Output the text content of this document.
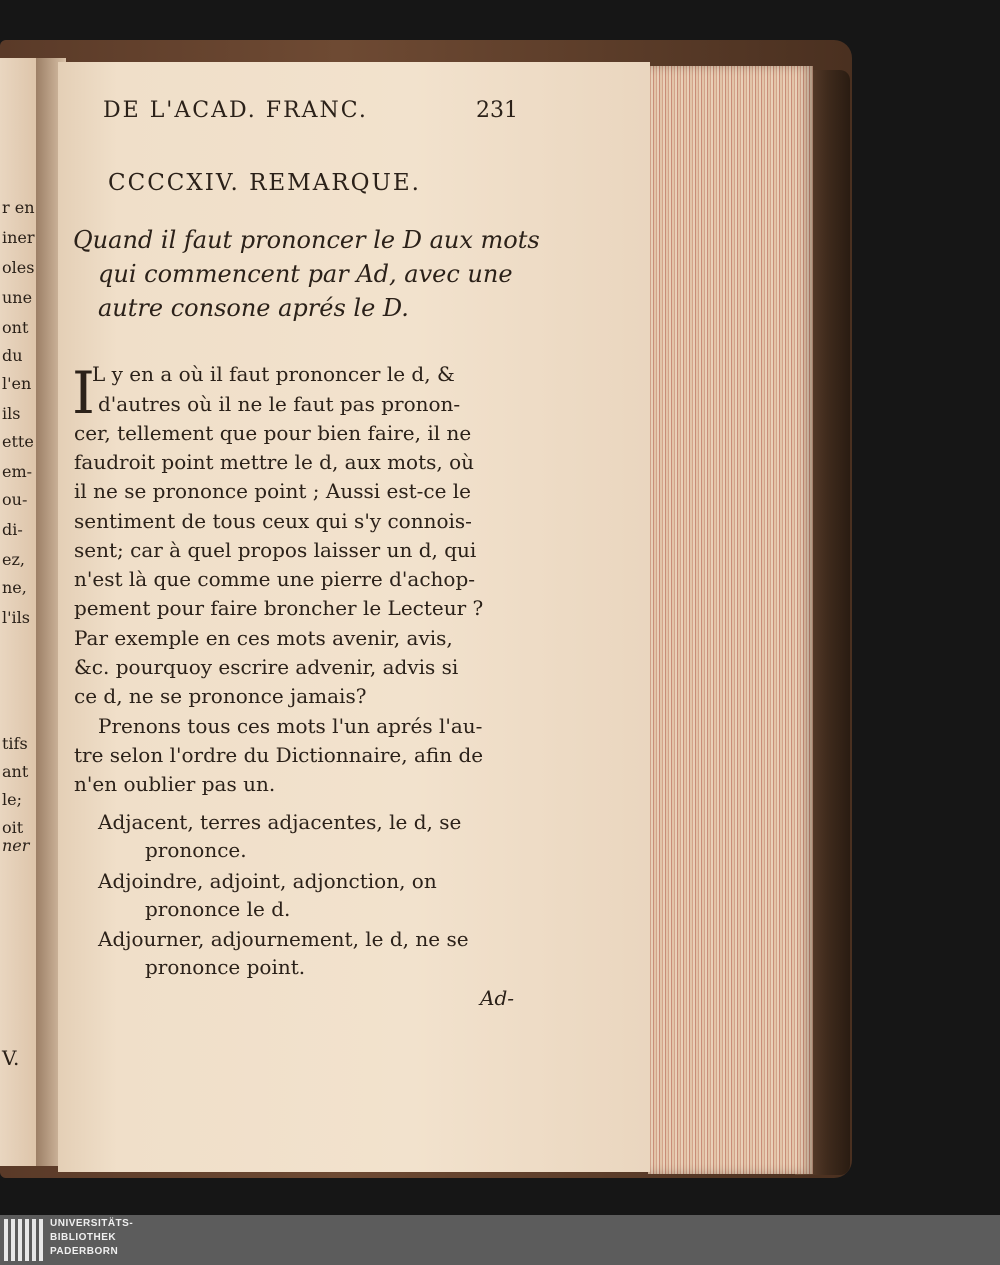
r en
iner
oles
une
ont
du
l'en
ils
ette
em-
ou-
di-
ez,
ne,
l'ils
tifs
ant
le;
oit
ner
V.
DE L'ACAD. FRANC.	231
CCCCXIV. REMARQUE.
Quand il faut prononcer le D aux mots
qui commencent par Ad, avec une
autre consone aprés le D.
I
L y en a où il faut prononcer le d, &
d'autres où il ne le faut pas pronon-
cer, tellement que pour bien faire, il ne
faudroit point mettre le d, aux mots, où
il ne se prononce point ; Aussi est-ce le
sentiment de tous ceux qui s'y connois-
sent; car à quel propos laisser un d, qui
n'est là que comme une pierre d'achop-
pement pour faire broncher le Lecteur ?
Par exemple en ces mots avenir, avis,
&c. pourquoy escrire advenir, advis si
ce d, ne se prononce jamais?
Prenons tous ces mots l'un aprés l'au-
tre selon l'ordre du Dictionnaire, afin de
n'en oublier pas un.
Adjacent, terres adjacentes, le d, se
prononce.
Adjoindre, adjoint, adjonction, on
prononce le d.
Adjourner, adjournement, le d, ne se
prononce point.
Ad-
UNIVERSITÄTS-
BIBLIOTHEK
PADERBORN
